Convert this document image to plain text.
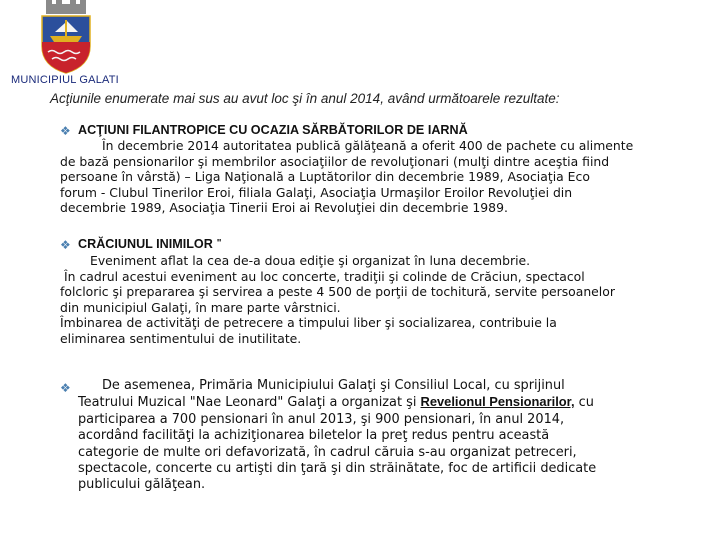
MUNICIPIUL GALATI
Acţiunile enumerate mai sus au avut loc şi în anul 2014, având următoarele rezultate:
❖ ACŢIUNI FILANTROPICE CU OCAZIA SĂRBĂTORILOR DE IARNĂ

În decembrie 2014 autoritatea publică gălăţeană a oferit 400 de pachete cu alimente

de bază pensionarilor şi membrilor asociaţiilor de revoluţionari (mulţi dintre aceştia fiind

persoane în vârstă) – Liga Naţională a Luptătorilor din decembrie 1989, Asociaţia Eco

forum - Clubul Tinerilor Eroi, filiala Galaţi, Asociaţia Urmaşilor Eroilor Revoluţiei din

decembrie 1989, Asociaţia Tinerii Eroi ai Revoluţiei din decembrie 1989.

❖ CRĂCIUNUL INIMILOR "

Eveniment aflat la cea de-a doua ediţie şi organizat în luna decembrie.

În cadrul acestui eveniment au loc concerte, tradiţii şi colinde de Crăciun, spectacol

folcloric şi prepararea şi servirea a peste 4 500 de porţii de tochitură, servite persoanelor

din municipiul Galaţi, în mare parte vârstnici.

Îmbinarea de activităţi de petrecere a timpului liber şi socializarea, contribuie la

eliminarea sentimentului de inutilitate.

❖	De asemenea, Primăria Municipiului Galaţi şi Consiliul Local, cu sprijinul

Teatrului Muzical "Nae Leonard" Galaţi a organizat şi Revelionul Pensionarilor, cu

participarea a 700 pensionari în anul 2013, şi 900 pensionari, în anul 2014,

acordând facilităţi la achiziţionarea biletelor la preţ redus pentru această

categorie de multe ori defavorizată, în cadrul căruia s-au organizat petreceri,

spectacole, concerte cu artişti din ţară şi din străinătate, foc de artificii dedicate

publicului gălăţean.
